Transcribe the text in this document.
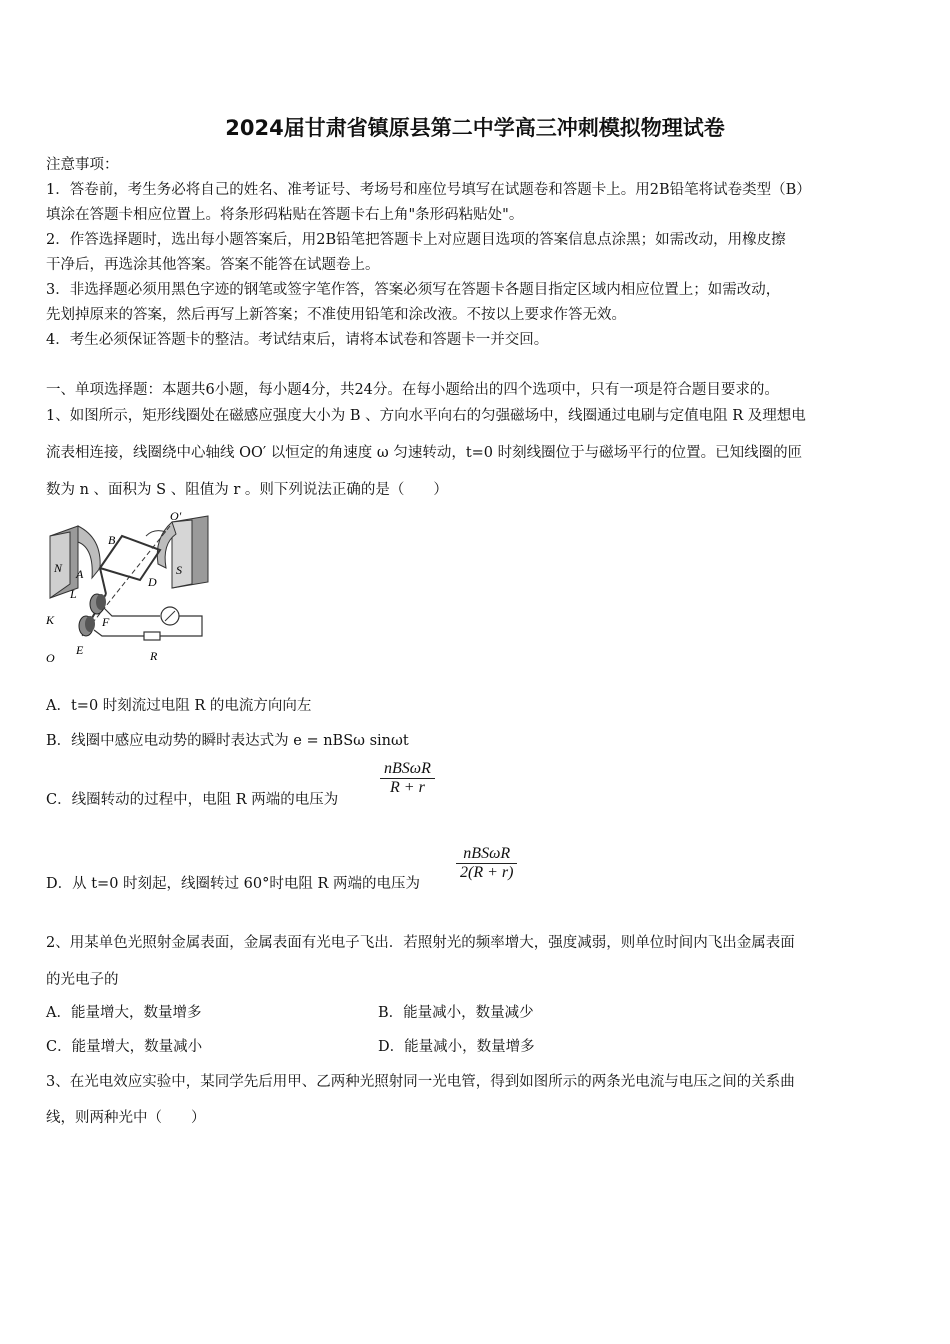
2024届甘肃省镇原县第二中学高三冲刺模拟物理试卷
注意事项：
1．答卷前，考生务必将自己的姓名、准考证号、考场号和座位号填写在试题卷和答题卡上。用2B铅笔将试卷类型（B）
填涂在答题卡相应位置上。将条形码粘贴在答题卡右上角"条形码粘贴处"。
2．作答选择题时，选出每小题答案后，用2B铅笔把答题卡上对应题目选项的答案信息点涂黑；如需改动，用橡皮擦
干净后，再选涂其他答案。答案不能答在试题卷上。
3．非选择题必须用黑色字迹的钢笔或签字笔作答，答案必须写在答题卡各题目指定区域内相应位置上；如需改动，
先划掉原来的答案，然后再写上新答案；不准使用铅笔和涂改液。不按以上要求作答无效。
4．考生必须保证答题卡的整洁。考试结束后，请将本试卷和答题卡一并交回。
一、单项选择题：本题共6小题，每小题4分，共24分。在每小题给出的四个选项中，只有一项是符合题目要求的。
1、如图所示，矩形线圈处在磁感应强度大小为 B 、方向水平向右的匀强磁场中，线圈通过电刷与定值电阻 R 及理想电
流表相连接，线圈绕中心轴线 OO′ 以恒定的角速度 ω 匀速转动，t=0 时刻线圈位于与磁场平行的位置。已知线圈的匝
数为 n 、面积为 S 、阻值为 r 。则下列说法正确的是（　　）
O′
B
N A	S
D
L
K	F
O
E	R
A．t=0 时刻流过电阻 R 的电流方向向左
B．线圈中感应电动势的瞬时表达式为 e = nBSω sinωt
C．线圈转动的过程中，电阻 R 两端的电压为
nBSωR
R + r
D．从 t=0 时刻起，线圈转过 60°时电阻 R 两端的电压为
nBSωR
2(R + r)
2、用某单色光照射金属表面，金属表面有光电子飞出．若照射光的频率增大，强度减弱，则单位时间内飞出金属表面
的光电子的
A．能量增大，数量增多	B．能量减小，数量减少
C．能量增大，数量减小	D．能量减小，数量增多
3、在光电效应实验中，某同学先后用甲、乙两种光照射同一光电管，得到如图所示的两条光电流与电压之间的关系曲
线，则两种光中（　　）
